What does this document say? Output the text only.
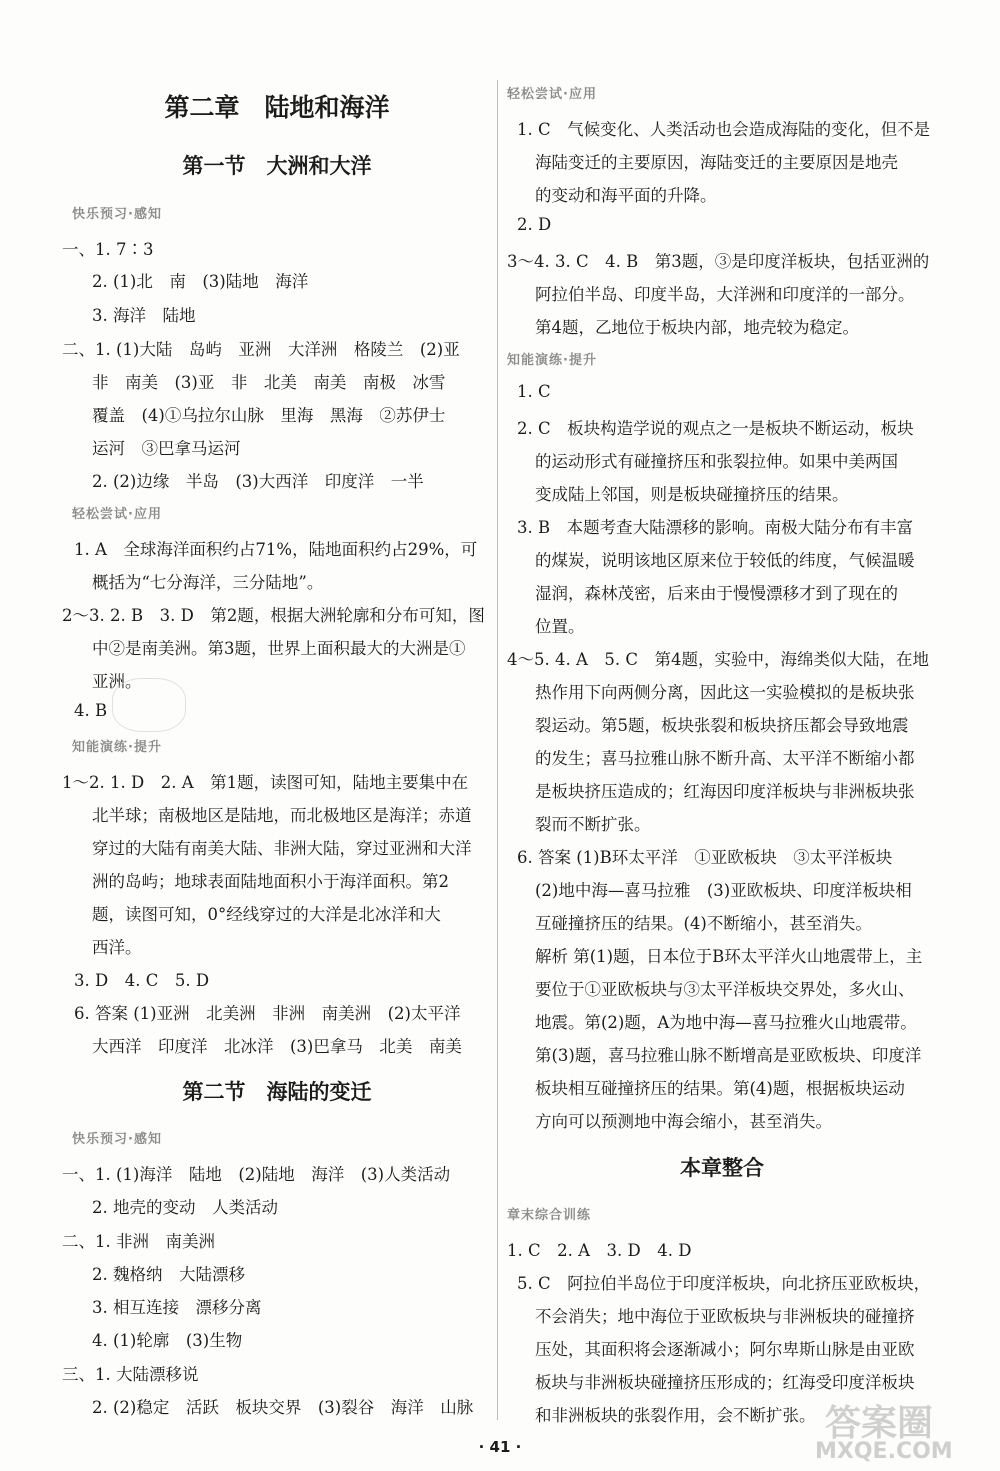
第二章　陆地和海洋
第一节　大洲和大洋
快乐预习·感知
一、1. 7∶3
2. (1)北　南　(3)陆地　海洋
3. 海洋　陆地
二、1. (1)大陆　岛屿　亚洲　大洋洲　格陵兰　(2)亚
非　南美　(3)亚　非　北美　南美　南极　冰雪
覆盖　(4)①乌拉尔山脉　里海　黑海　②苏伊士
运河　③巴拿马运河
2. (2)边缘　半岛　(3)大西洋　印度洋　一半
轻松尝试·应用
1. A　全球海洋面积约占71%，陆地面积约占29%，可
概括为“七分海洋，三分陆地”。
2～3. 2. B　3. D　第2题，根据大洲轮廓和分布可知，图
中②是南美洲。第3题，世界上面积最大的大洲是①
亚洲。
4. B
知能演练·提升
1～2. 1. D　2. A　第1题，读图可知，陆地主要集中在
北半球；南极地区是陆地，而北极地区是海洋；赤道
穿过的大陆有南美大陆、非洲大陆，穿过亚洲和大洋
洲的岛屿；地球表面陆地面积小于海洋面积。第2
题，读图可知，0°经线穿过的大洋是北冰洋和大
西洋。
3. D　4. C　5. D
6. 答案 (1)亚洲　北美洲　非洲　南美洲　(2)太平洋
大西洋　印度洋　北冰洋　(3)巴拿马　北美　南美
第二节　海陆的变迁
快乐预习·感知
一、1. (1)海洋　陆地　(2)陆地　海洋　(3)人类活动
2. 地壳的变动　人类活动
二、1. 非洲　南美洲
2. 魏格纳　大陆漂移
3. 相互连接　漂移分离
4. (1)轮廓　(3)生物
三、1. 大陆漂移说
2. (2)稳定　活跃　板块交界　(3)裂谷　海洋　山脉
轻松尝试·应用
1. C　气候变化、人类活动也会造成海陆的变化，但不是
海陆变迁的主要原因，海陆变迁的主要原因是地壳
的变动和海平面的升降。
2. D
3～4. 3. C　4. B　第3题，③是印度洋板块，包括亚洲的
阿拉伯半岛、印度半岛，大洋洲和印度洋的一部分。
第4题，乙地位于板块内部，地壳较为稳定。
知能演练·提升
1. C
2. C　板块构造学说的观点之一是板块不断运动，板块
的运动形式有碰撞挤压和张裂拉伸。如果中美两国
变成陆上邻国，则是板块碰撞挤压的结果。
3. B　本题考查大陆漂移的影响。南极大陆分布有丰富
的煤炭，说明该地区原来位于较低的纬度，气候温暖
湿润，森林茂密，后来由于慢慢漂移才到了现在的
位置。
4～5. 4. A　5. C　第4题，实验中，海绵类似大陆，在地
热作用下向两侧分离，因此这一实验模拟的是板块张
裂运动。第5题，板块张裂和板块挤压都会导致地震
的发生；喜马拉雅山脉不断升高、太平洋不断缩小都
是板块挤压造成的；红海因印度洋板块与非洲板块张
裂而不断扩张。
6. 答案 (1)B环太平洋　①亚欧板块　③太平洋板块
(2)地中海—喜马拉雅　(3)亚欧板块、印度洋板块相
互碰撞挤压的结果。(4)不断缩小，甚至消失。
解析 第(1)题，日本位于B环太平洋火山地震带上，主
要位于①亚欧板块与③太平洋板块交界处，多火山、
地震。第(2)题，A为地中海—喜马拉雅火山地震带。
第(3)题，喜马拉雅山脉不断增高是亚欧板块、印度洋
板块相互碰撞挤压的结果。第(4)题，根据板块运动
方向可以预测地中海会缩小，甚至消失。
本章整合
章末综合训练
1. C　2. A　3. D　4. D
5. C　阿拉伯半岛位于印度洋板块，向北挤压亚欧板块，
不会消失；地中海位于亚欧板块与非洲板块的碰撞挤
压处，其面积将会逐渐减小；阿尔卑斯山脉是由亚欧
板块与非洲板块碰撞挤压形成的；红海受印度洋板块
和非洲板块的张裂作用，会不断扩张。
· 41 ·
答案圈
MXQE.COM
